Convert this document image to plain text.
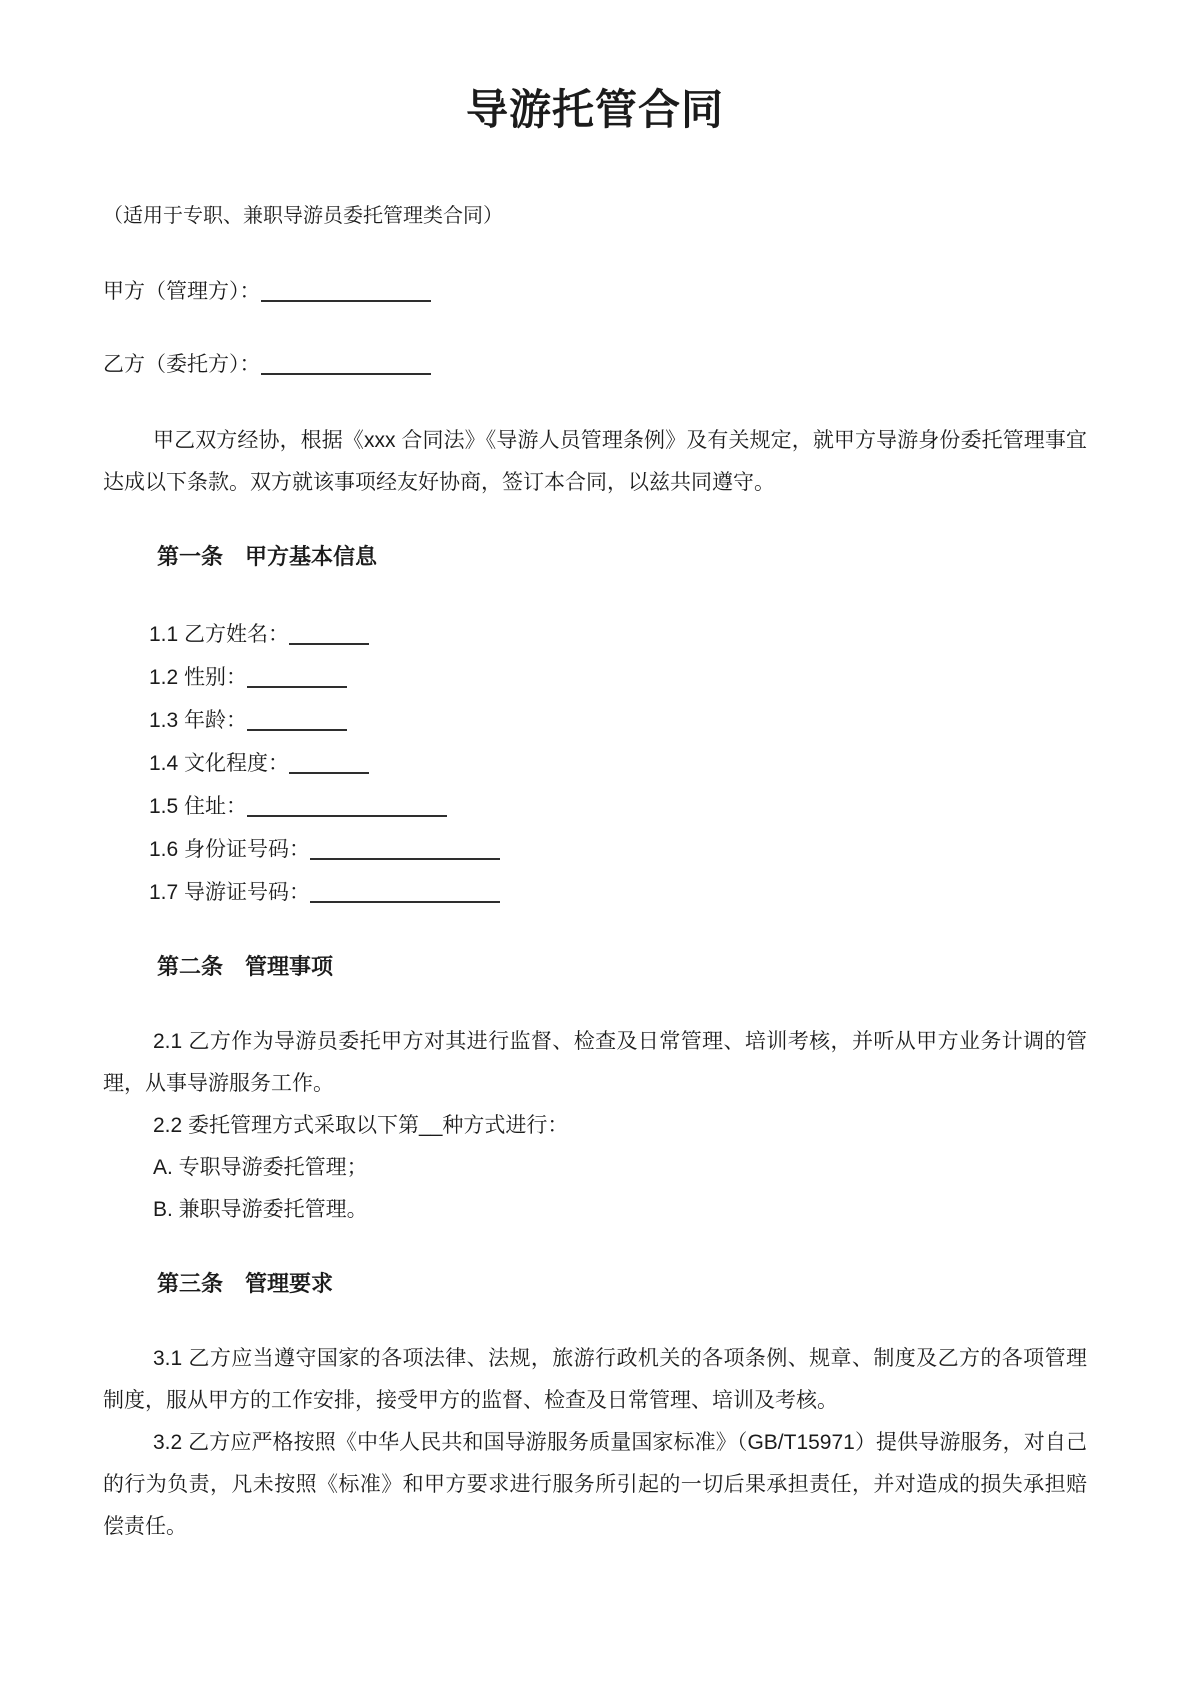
导游托管合同

（适用于专职、兼职导游员委托管理类合同）

甲方（管理方）：

乙方（委托方）：

甲乙双方经协，根据《xxx 合同法》《导游人员管理条例》及有关规定，就甲方导游身份委托管理事宜达成以下条款。双方就该事项经友好协商，签订本合同，以兹共同遵守。

第一条　甲方基本信息

1.1 乙方姓名：

1.2 性别：

1.3 年龄：

1.4 文化程度：

1.5 住址：

1.6 身份证号码：

1.7 导游证号码：

第二条　管理事项

2.1 乙方作为导游员委托甲方对其进行监督、检查及日常管理、培训考核，并听从甲方业务计调的管理，从事导游服务工作。

2.2 委托管理方式采取以下第__种方式进行：

A. 专职导游委托管理；

B. 兼职导游委托管理。

第三条　管理要求

3.1 乙方应当遵守国家的各项法律、法规，旅游行政机关的各项条例、规章、制度及乙方的各项管理制度，服从甲方的工作安排，接受甲方的监督、检查及日常管理、培训及考核。

3.2 乙方应严格按照《中华人民共和国导游服务质量国家标准》（GB/T15971）提供导游服务，对自己的行为负责，凡未按照《标准》和甲方要求进行服务所引起的一切后果承担责任，并对造成的损失承担赔偿责任。
